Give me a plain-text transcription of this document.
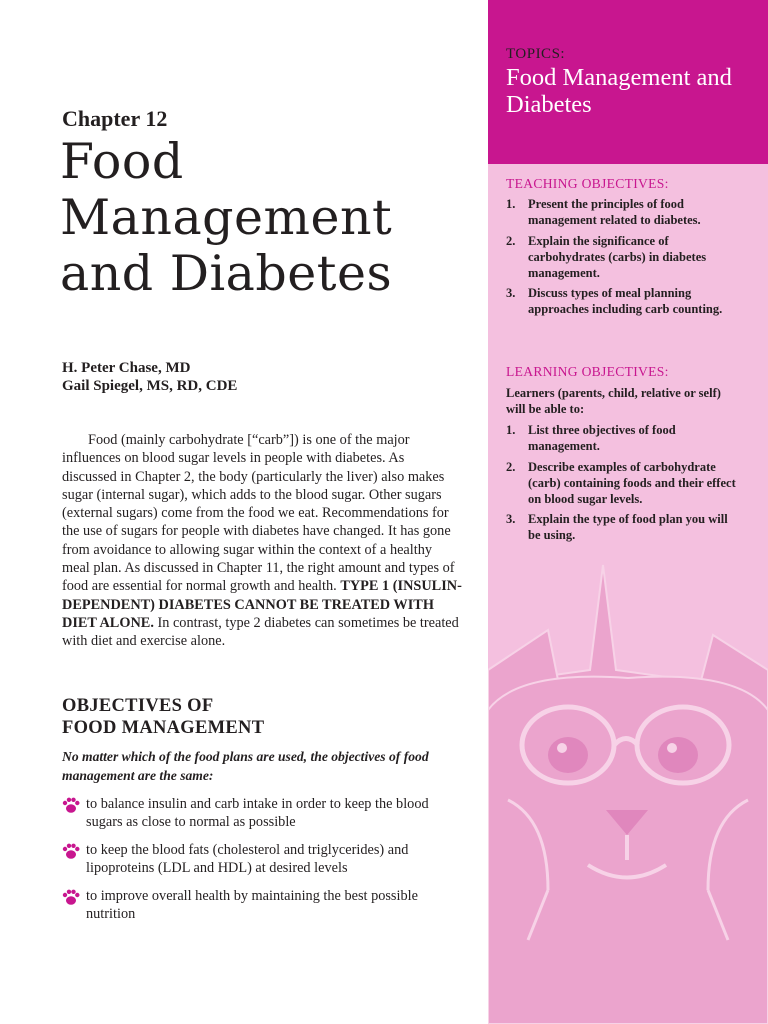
Chapter 12
Food
Management
and Diabetes
H. Peter Chase, MD
Gail Spiegel, MS, RD, CDE

Food (mainly carbohydrate [“carb”]) is one of the major influences on blood sugar levels in people with diabetes. As discussed in Chapter 2, the body (particularly the liver) also makes sugar (internal sugar), which adds to the blood sugar. Other sugars (external sugars) come from the food we eat. Recommendations for the use of sugars for people with diabetes have changed. It has gone from avoidance to allowing sugar within the context of a healthy meal plan. As discussed in Chapter 11, the right amount and types of food are essential for normal growth and health. TYPE 1 (INSULIN-DEPENDENT) DIABETES CANNOT BE TREATED WITH DIET ALONE. In contrast, type 2 diabetes can sometimes be treated with diet and exercise alone.

OBJECTIVES OF
FOOD MANAGEMENT
No matter which of the food plans are used, the objectives of food management are the same:
to balance insulin and carb intake in order to keep the blood sugars as close to normal as possible
to keep the blood fats (cholesterol and triglycerides) and lipoproteins (LDL and HDL) at desired levels
to improve overall health by maintaining the best possible nutrition
TOPICS:
Food Management and Diabetes
TEACHING OBJECTIVES:
1. Present the principles of food management related to diabetes.
2. Explain the significance of carbohydrates (carbs) in diabetes management.
3. Discuss types of meal planning approaches including carb counting.
LEARNING OBJECTIVES:
Learners (parents, child, relative or self) will be able to:
1. List three objectives of food management.
2. Describe examples of carbohydrate (carb) containing foods and their effect on blood sugar levels.
3. Explain the type of food plan you will be using.
